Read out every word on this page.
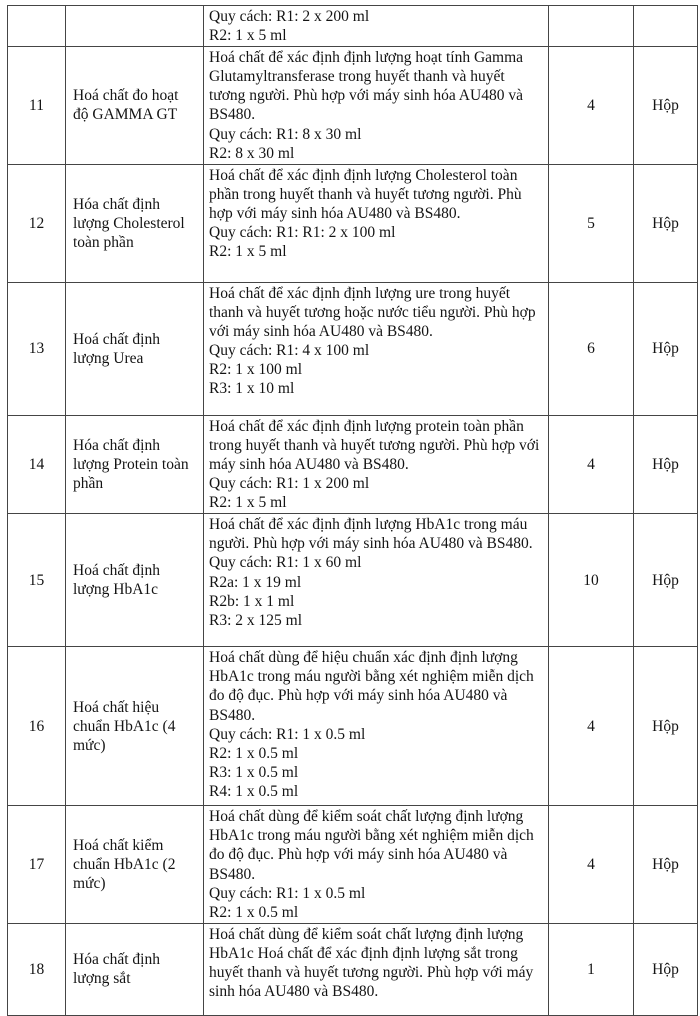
		Quy cách: R1: 2 x 200 ml
R2: 1 x 5 ml		

11	Hoá chất đo hoạt độ GAMMA GT	Hoá chất để xác định định lượng hoạt tính Gamma Glutamyltransferase trong huyết thanh và huyết tương người. Phù hợp với máy sinh hóa AU480 và BS480.
Quy cách: R1: 8 x 30 ml
R2: 8 x 30 ml	4	Hộp
12	Hóa chất định lượng Cholesterol toàn phần	Hoá chất để xác định định lượng Cholesterol toàn phần trong huyết thanh và huyết tương người. Phù hợp với máy sinh hóa AU480 và BS480.
Quy cách: R1: R1: 2 x 100 ml
R2: 1 x 5 ml	5	Hộp
13	Hoá chất định lượng Urea	Hoá chất để xác định định lượng ure trong huyết thanh và huyết tương hoặc nước tiểu người. Phù hợp với máy sinh hóa AU480 và BS480.
Quy cách: R1: 4 x 100 ml
R2: 1 x 100 ml
R3: 1 x 10 ml	6	Hộp
14	Hóa chất định lượng Protein toàn phần	Hoá chất để xác định định lượng protein toàn phần trong huyết thanh và huyết tương người. Phù hợp với máy sinh hóa AU480 và BS480.
Quy cách: R1: 1 x 200 ml
R2: 1 x 5 ml	4	Hộp
15	Hoá chất định lượng HbA1c	Hoá chất để xác định định lượng HbA1c trong máu người. Phù hợp với máy sinh hóa AU480 và BS480.
Quy cách: R1: 1 x 60 ml
R2a: 1 x 19 ml
R2b: 1 x 1 ml
R3: 2 x 125 ml	10	Hộp
16	Hoá chất hiệu chuẩn HbA1c (4 mức)	Hoá chất dùng để hiệu chuẩn xác định định lượng HbA1c trong máu người bằng xét nghiệm miễn dịch đo độ đục. Phù hợp với máy sinh hóa AU480 và BS480.
Quy cách: R1: 1 x 0.5 ml
R2: 1 x 0.5 ml
R3: 1 x 0.5 ml
R4: 1 x 0.5 ml	4	Hộp
17	Hoá chất kiểm chuẩn HbA1c (2 mức)	Hoá chất dùng để kiểm soát chất lượng định lượng HbA1c trong máu người bằng xét nghiệm miễn dịch đo độ đục. Phù hợp với máy sinh hóa AU480 và BS480.
Quy cách: R1: 1 x 0.5 ml
R2: 1 x 0.5 ml	4	Hộp
18	Hóa chất định lượng sắt	Hoá chất dùng để kiểm soát chất lượng định lượng HbA1c Hoá chất để xác định định lượng sắt trong huyết thanh và huyết tương người. Phù hợp với máy sinh hóa AU480 và BS480.	1	Hộp
